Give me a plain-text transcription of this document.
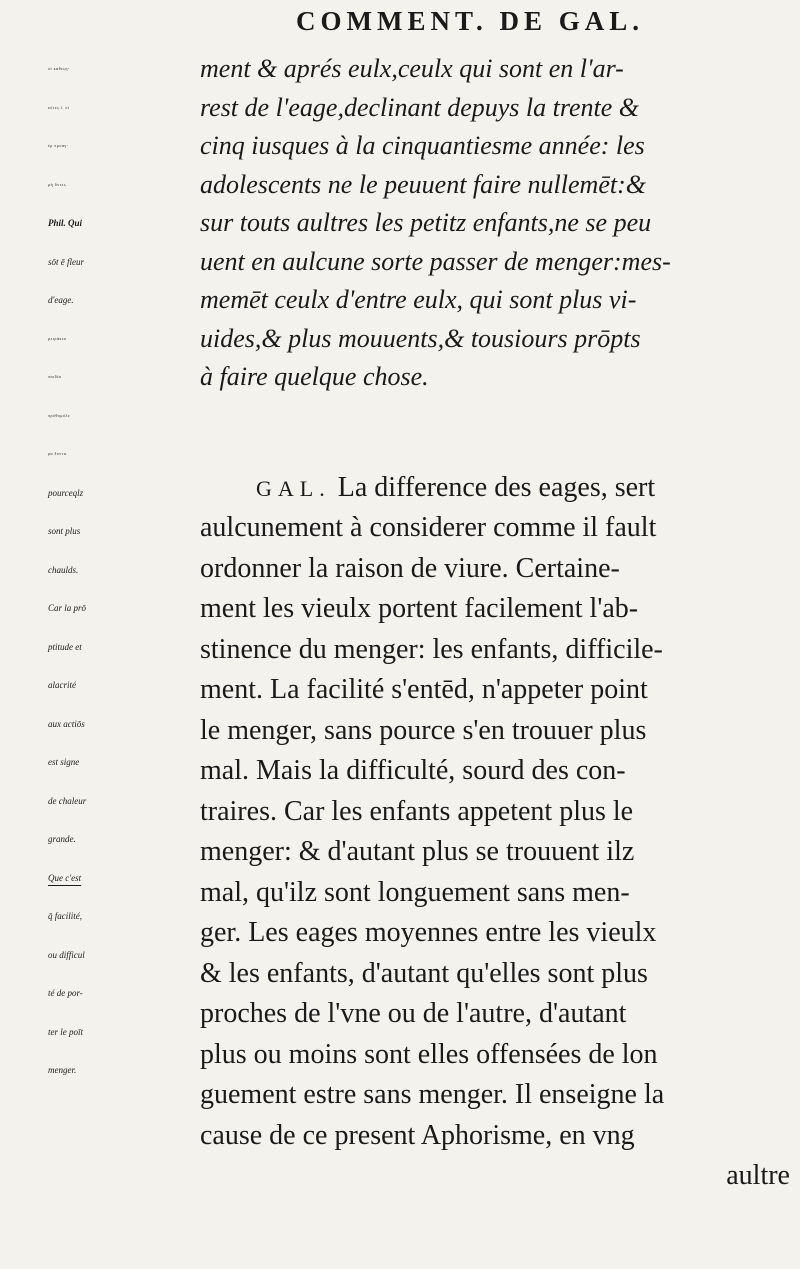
COMMENT. DE GAL.
οἱ καθεςη-
κότες.ἰ. οἱ
ἐμ προαγ-
μὴ ὄντες.
Phil. Qui
sōt ē fleur
d'eage.
μειράκια
παιδία
πρόθυμόλε
ρα ἔοντα.
pourceqlz
sont plus
chaulds.
Car la prō
ptitude et
alacrité
aux actiōs
est signe
de chaleur
grande.
Que c'est
q̄ facilité,
ou difficul
té de por-
ter le poīt
menger.
ment & aprés eulx,ceulx qui sont en l'ar-
rest de l'eage,declinant depuys la trente &
cinq iusques à la cinquantiesme année: les
adolescents ne le peuuent faire nullemēt:&
sur touts aultres les petitz enfants,ne se peu
uent en aulcune sorte passer de menger:mes-
memēt ceulx d'entre eulx, qui sont plus vi-
uides,& plus mouuents,& tousiours prōpts
à faire quelque chose.
GAL. La difference des eages, sert
aulcunement à considerer comme il fault
ordonner la raison de viure. Certaine-
ment les vieulx portent facilement l'ab-
stinence du menger: les enfants, difficile-
ment. La facilité s'entēd, n'appeter point
le menger, sans pource s'en trouuer plus
mal. Mais la difficulté, sourd des con-
traires. Car les enfants appetent plus le
menger: & d'autant plus se trouuent ilz
mal, qu'ilz sont longuement sans men-
ger. Les eages moyennes entre les vieulx
& les enfants, d'autant qu'elles sont plus
proches de l'vne ou de l'autre, d'autant
plus ou moins sont elles offensées de lon
guement estre sans menger. Il enseigne la
cause de ce present Aphorisme, en vng
aultre
